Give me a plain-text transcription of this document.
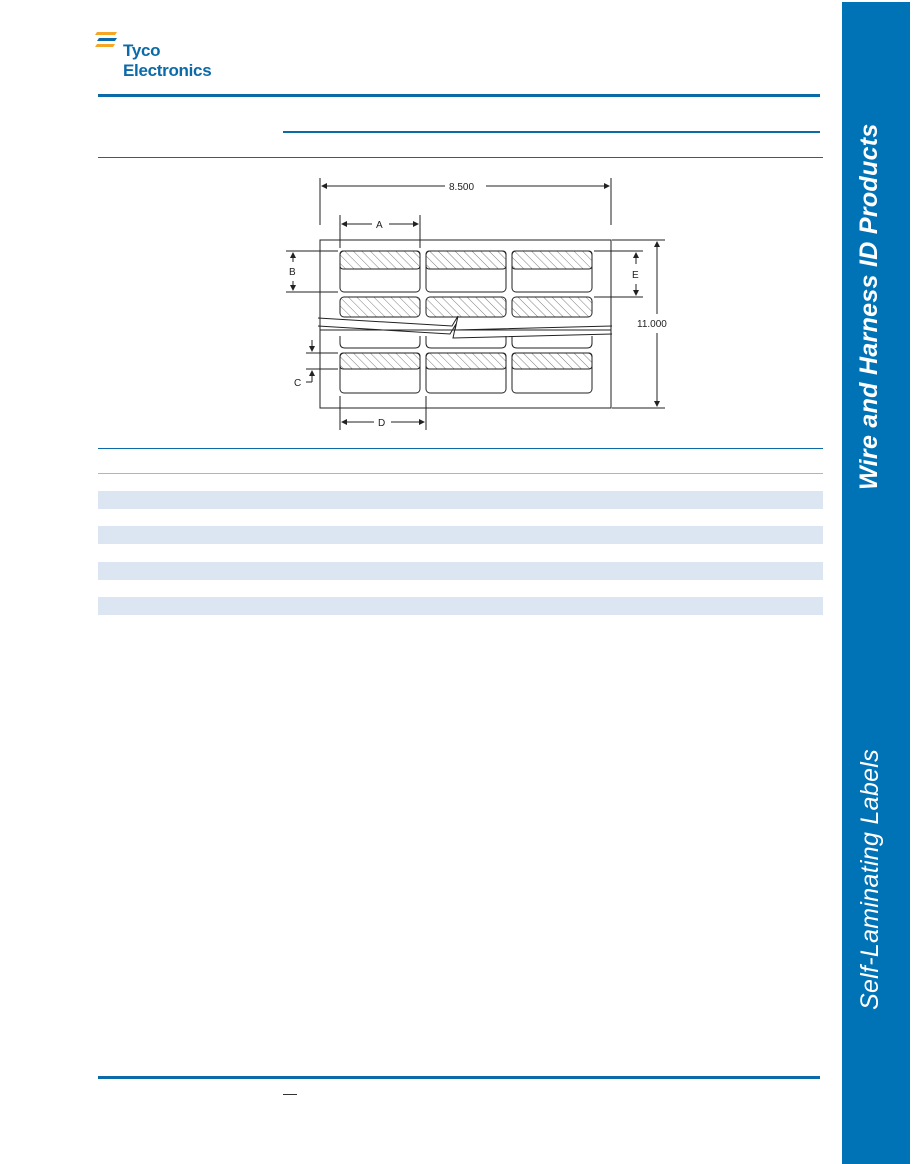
Tyco
Electronics
Wire and Harness ID Products
Self-Laminating Labels
8.500
11.000
A
B
C
D
E
